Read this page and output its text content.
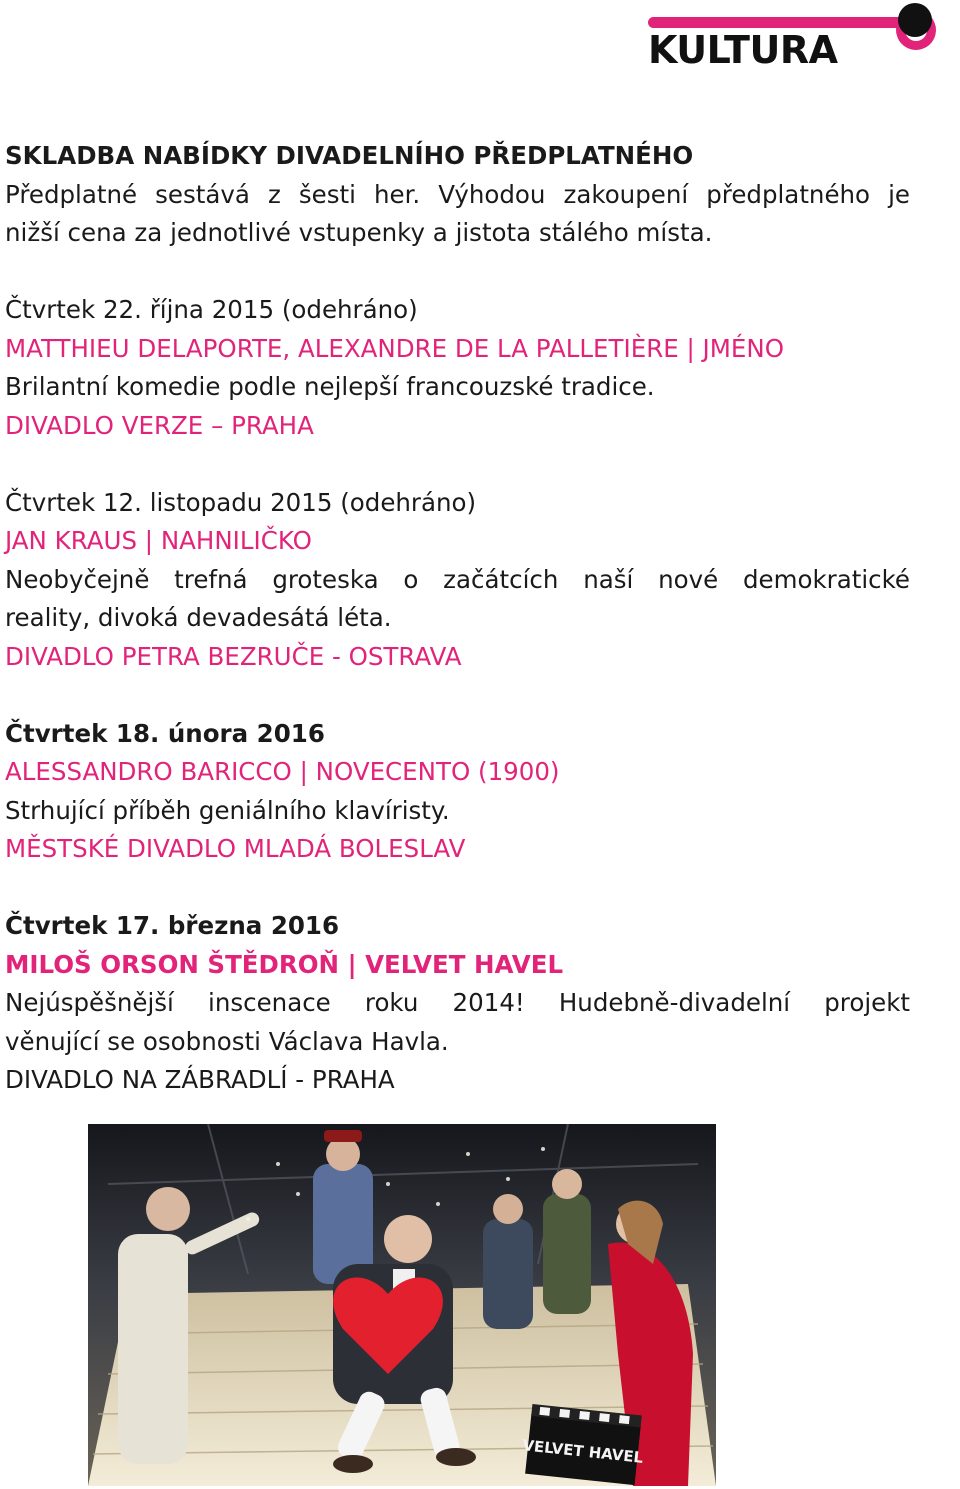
KULTURA
SKLADBA NABÍDKY DIVADELNÍHO PŘEDPLATNÉHO
Předplatné sestává z šesti her. Výhodou zakoupení předplatného je
nižší cena za jednotlivé vstupenky a jistota stálého místa.
Čtvrtek 22. října 2015 (odehráno)
MATTHIEU DELAPORTE, ALEXANDRE DE LA PALLETIÈRE | JMÉNO
Brilantní komedie podle nejlepší francouzské tradice.
DIVADLO VERZE – PRAHA
Čtvrtek 12. listopadu 2015 (odehráno)
JAN KRAUS | NAHNILIČKO
Neobyčejně trefná groteska o začátcích naší nové demokratické
reality, divoká devadesátá léta.
DIVADLO PETRA BEZRUČE - OSTRAVA
Čtvrtek 18. února 2016
ALESSANDRO BARICCO | NOVECENTO (1900)
Strhující příběh geniálního klavíristy.
MĚSTSKÉ DIVADLO MLADÁ BOLESLAV
Čtvrtek 17. března 2016
MILOŠ ORSON ŠTĚDROŇ | VELVET HAVEL
Nejúspěšnější inscenace roku 2014! Hudebně-divadelní projekt
věnující se osobnosti Václava Havla.
DIVADLO NA ZÁBRADLÍ - PRAHA
VELVET HAVEL
